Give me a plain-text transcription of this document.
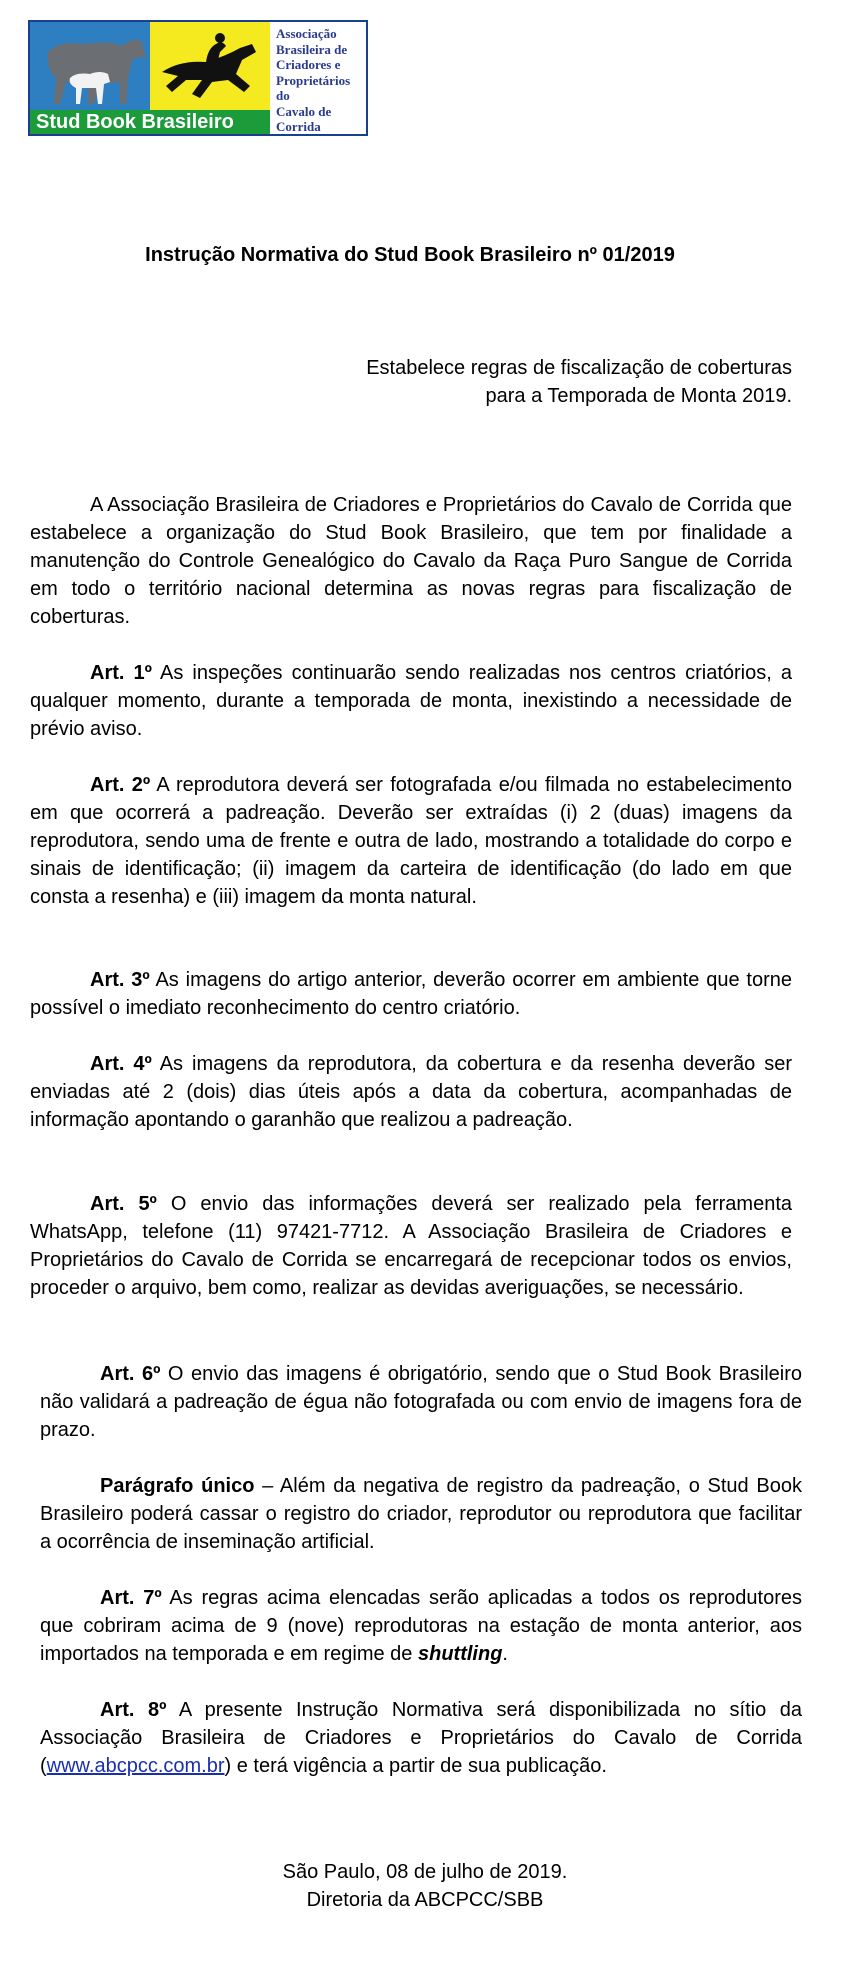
Stud Book Brasileiro
Associação
Brasileira de
Criadores e
Proprietários do
Cavalo de
Corrida
Instrução Normativa do Stud Book Brasileiro nº 01/2019
Estabelece regras de fiscalização de coberturas
para a Temporada de Monta 2019.

A Associação Brasileira de Criadores e Proprietários do Cavalo de Corrida que estabelece a organização do Stud Book Brasileiro, que tem por finalidade a manutenção do Controle Genealógico do Cavalo da Raça Puro Sangue de Corrida em todo o território nacional determina as novas regras para fiscalização de coberturas.

Art. 1º As inspeções continuarão sendo realizadas nos centros criatórios, a qualquer momento, durante a temporada de monta, inexistindo a necessidade de prévio aviso.

Art. 2º A reprodutora deverá ser fotografada e/ou filmada no estabelecimento em que ocorrerá a padreação. Deverão ser extraídas (i) 2 (duas) imagens da reprodutora, sendo uma de frente e outra de lado, mostrando a totalidade do corpo e sinais de identificação; (ii) imagem da carteira de identificação (do lado em que consta a resenha) e (iii) imagem da monta natural.

Art. 3º As imagens do artigo anterior, deverão ocorrer em ambiente que torne possível o imediato reconhecimento do centro criatório.

Art. 4º As imagens da reprodutora, da cobertura e da resenha deverão ser enviadas até 2 (dois) dias úteis após a data da cobertura, acompanhadas de informação apontando o garanhão que realizou a padreação.

Art. 5º O envio das informações deverá ser realizado pela ferramenta WhatsApp, telefone (11) 97421-7712. A Associação Brasileira de Criadores e Proprietários do Cavalo de Corrida se encarregará de recepcionar todos os envios, proceder o arquivo, bem como, realizar as devidas averiguações, se necessário.

Art. 6º O envio das imagens é obrigatório, sendo que o Stud Book Brasileiro não validará a padreação de égua não fotografada ou com envio de imagens fora de prazo.

Parágrafo único – Além da negativa de registro da padreação, o Stud Book Brasileiro poderá cassar o registro do criador, reprodutor ou reprodutora que facilitar a ocorrência de inseminação artificial.

Art. 7º As regras acima elencadas serão aplicadas a todos os reprodutores que cobriram acima de 9 (nove) reprodutoras na estação de monta anterior, aos importados na temporada e em regime de shuttling.

Art. 8º A presente Instrução Normativa será disponibilizada no sítio da Associação Brasileira de Criadores e Proprietários do Cavalo de Corrida (www.abcpcc.com.br) e terá vigência a partir de sua publicação.

São Paulo, 08 de julho de 2019.
Diretoria da ABCPCC/SBB
